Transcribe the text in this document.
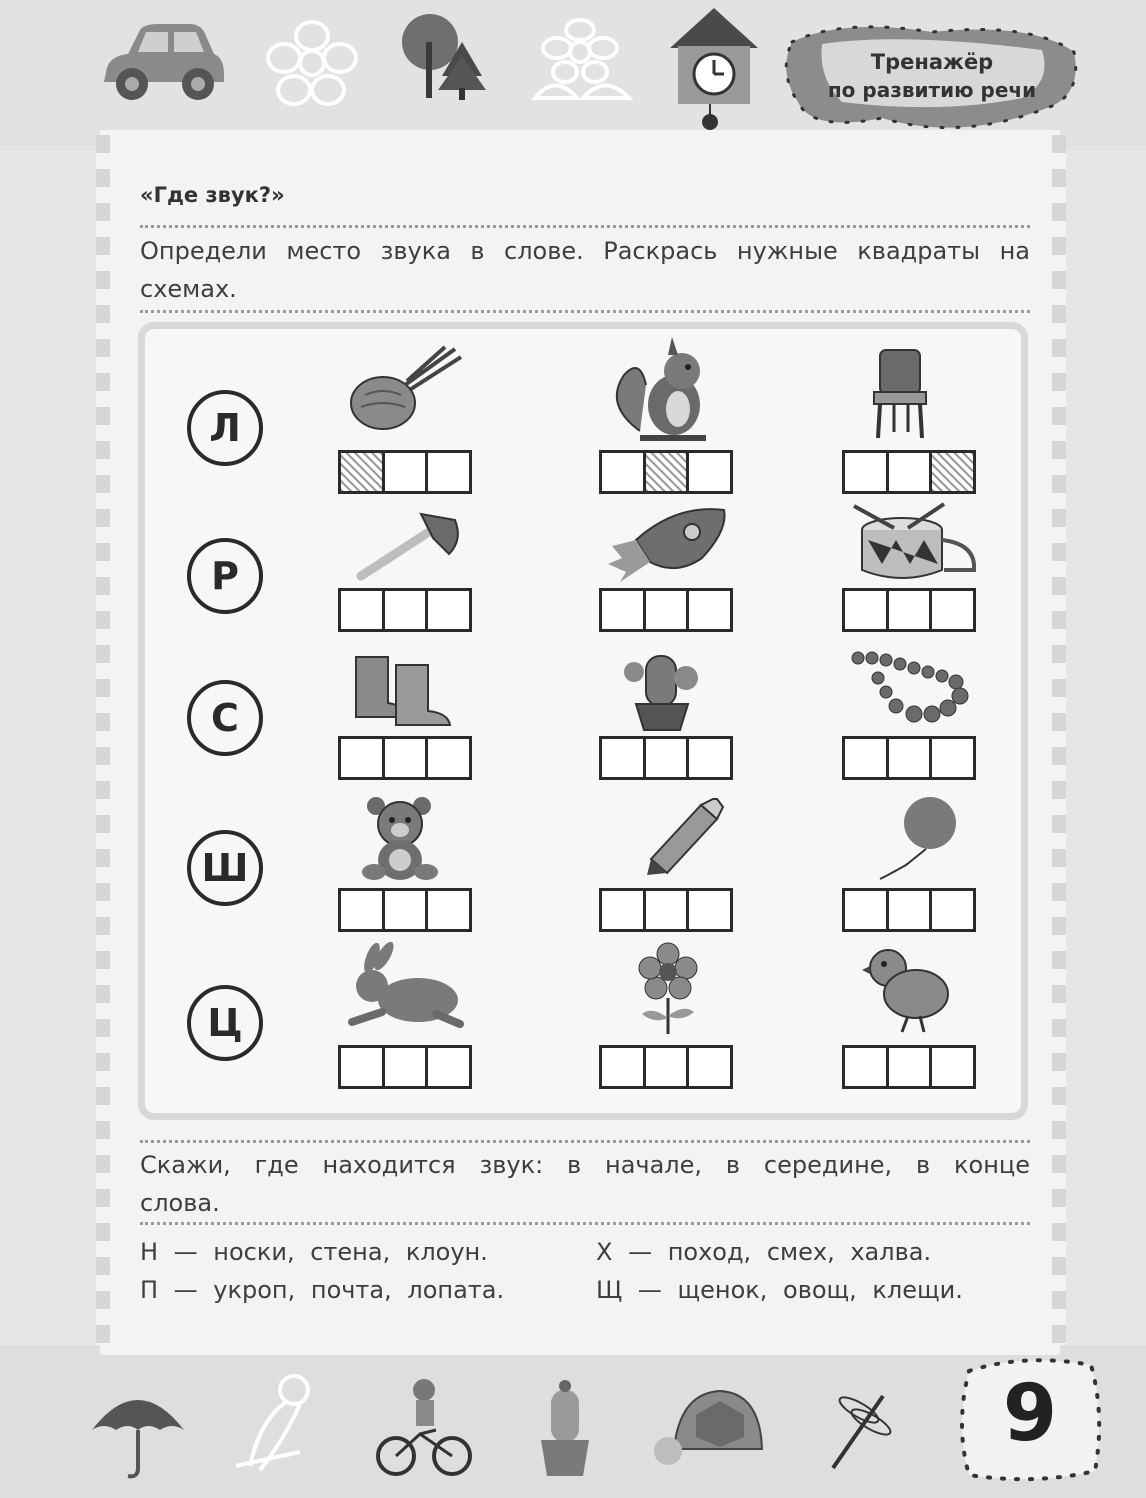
Тренажёр
по развитию речи
«Где звук?»
Определи место звука в слове. Раскрась нужные квадраты на схемах.
Л
Р
С
Ш
Ц
Скажи, где находится звук: в начале, в середине, в конце слова.
Н — носки, стена, клоун.
П — укроп, почта, лопата.
Х — поход, смех, халва.
Щ — щенок, овощ, клещи.
9
